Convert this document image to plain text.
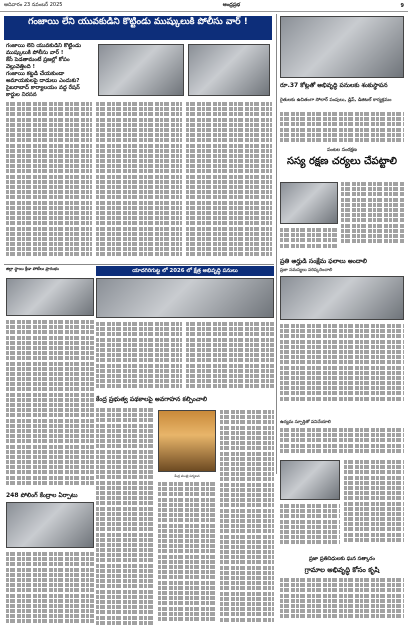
ఆదివారం 23 నవంబర్ 2025	ఆంధ్రప్రభ	9
గంజాయి లేని యువకుడిని కొట్టిండు ముష్కులుకి పోలీసు వార్ !
గంజాయి లేని యువకుడిని కొట్టిండు ముష్కులుకి పోలీసు వార్ !
కేసే పెడతామంటే ప్రజల్లో కోపం వెల్లువెత్తింది !
గంజాయి కట్టడి చేయకుండా అమాయకులపై దాడులు ఎందుకు?
సైబరాబాద్ కార్యాలయం వద్ద రేషన్ కార్డుల నిరసన
రూ.37 కోట్లతో అభివృద్ధి పనులకు శంకుస్థాపన
రైతులకు ఉచితంగా సోలార్ పంపులు, డ్రిప్, డిజిటల్ కార్యక్రమం
పంటల సంరక్షణ
సస్య రక్షణ చర్యలు చేపట్టాలి
ప్రతి అర్హుడి సంక్షేమ ఫలాలు అందాలి
ప్రజా సమస్యలు పరిష్కరించాలి
జిల్లా స్థాయి క్రీడా పోటీలు ప్రారంభం	యాదగిరిగుట్ట లో 2026 లో క్షేత్ర అభివృద్ధి పనులు
248 పోలింగ్ కేంద్రాల ఏర్పాటు
కేంద్ర ప్రభుత్వ పథకాలపై అవగాహన కల్పించాలి
కేంద్ర మంత్రి పర్యటన
ఉద్యమ స్ఫూర్తితో పనిచేయాలి
ప్రజా ప్రతినిధులకు ఘన సత్కారం
గ్రామాల అభివృద్ధి కోసం కృషి
